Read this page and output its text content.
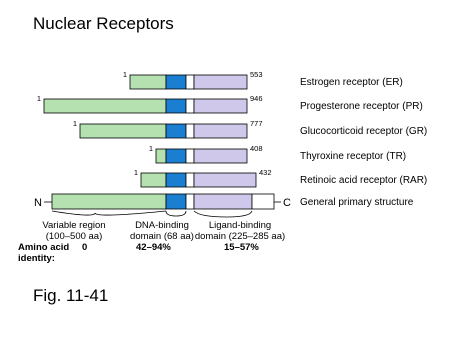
Nuclear Receptors
1	553
Estrogen receptor (ER)
1	946
Progesterone receptor (PR)
1	777
Glucocorticoid receptor (GR)
1	408
Thyroxine receptor (TR)
1	432
Retinoic acid receptor (RAR)
N	C General primary structure
Variable region
(100–500 aa)
DNA-binding
domain (68 aa)
Ligand-binding
domain (225–285 aa)
Amino acid
identity:
0	42–94%	15–57%
Fig. 11-41
